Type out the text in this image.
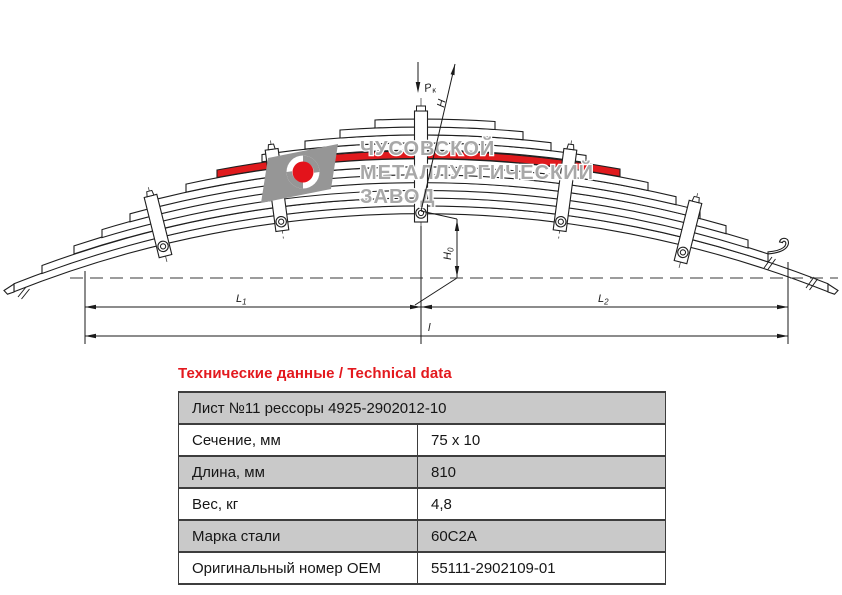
ЧУСОВСКОЙ
МЕТАЛЛУРГИЧЕСКИЙ
ЗАВОД
$P_к$
H
$H_0$
$L_1$	$L_2$
l
Технические данные / Technical data
Лист №11 рессоры 4925-2902012-10	
Сечение, мм	75 x 10
Длина, мм	810
Вес, кг	4,8
Марка стали	60С2А
Оригинальный номер OEM	55111-2902109-01
